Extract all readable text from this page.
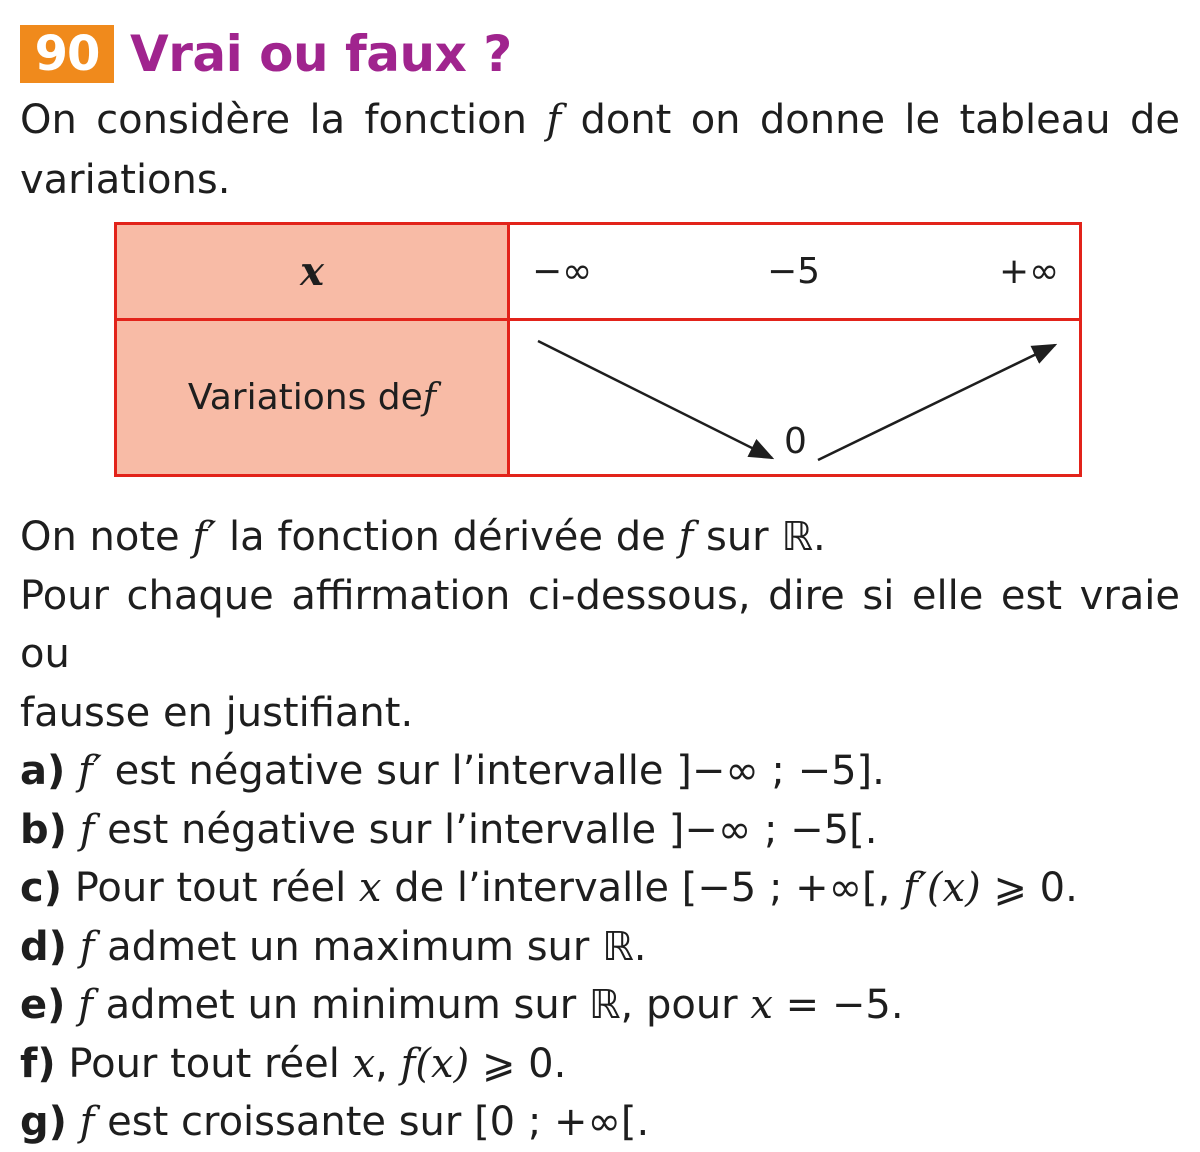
90 Vrai ou faux ?
On considère la fonction f dont on donne le tableau de
variations.
x
Variations de f
−∞	−5	+∞
0
On note f′ la fonction dérivée de f sur ℝ.
Pour chaque affirmation ci-dessous, dire si elle est vraie ou
fausse en justifiant.
a) f′ est négative sur l’intervalle ]−∞ ; −5].
b) f est négative sur l’intervalle ]−∞ ; −5[.
c) Pour tout réel x de l’intervalle [−5 ; +∞[, f′(x) ⩾ 0.
d) f admet un maximum sur ℝ.
e) f admet un minimum sur ℝ, pour x = −5.
f) Pour tout réel x, f(x) ⩾ 0.
g) f est croissante sur [0 ; +∞[.
